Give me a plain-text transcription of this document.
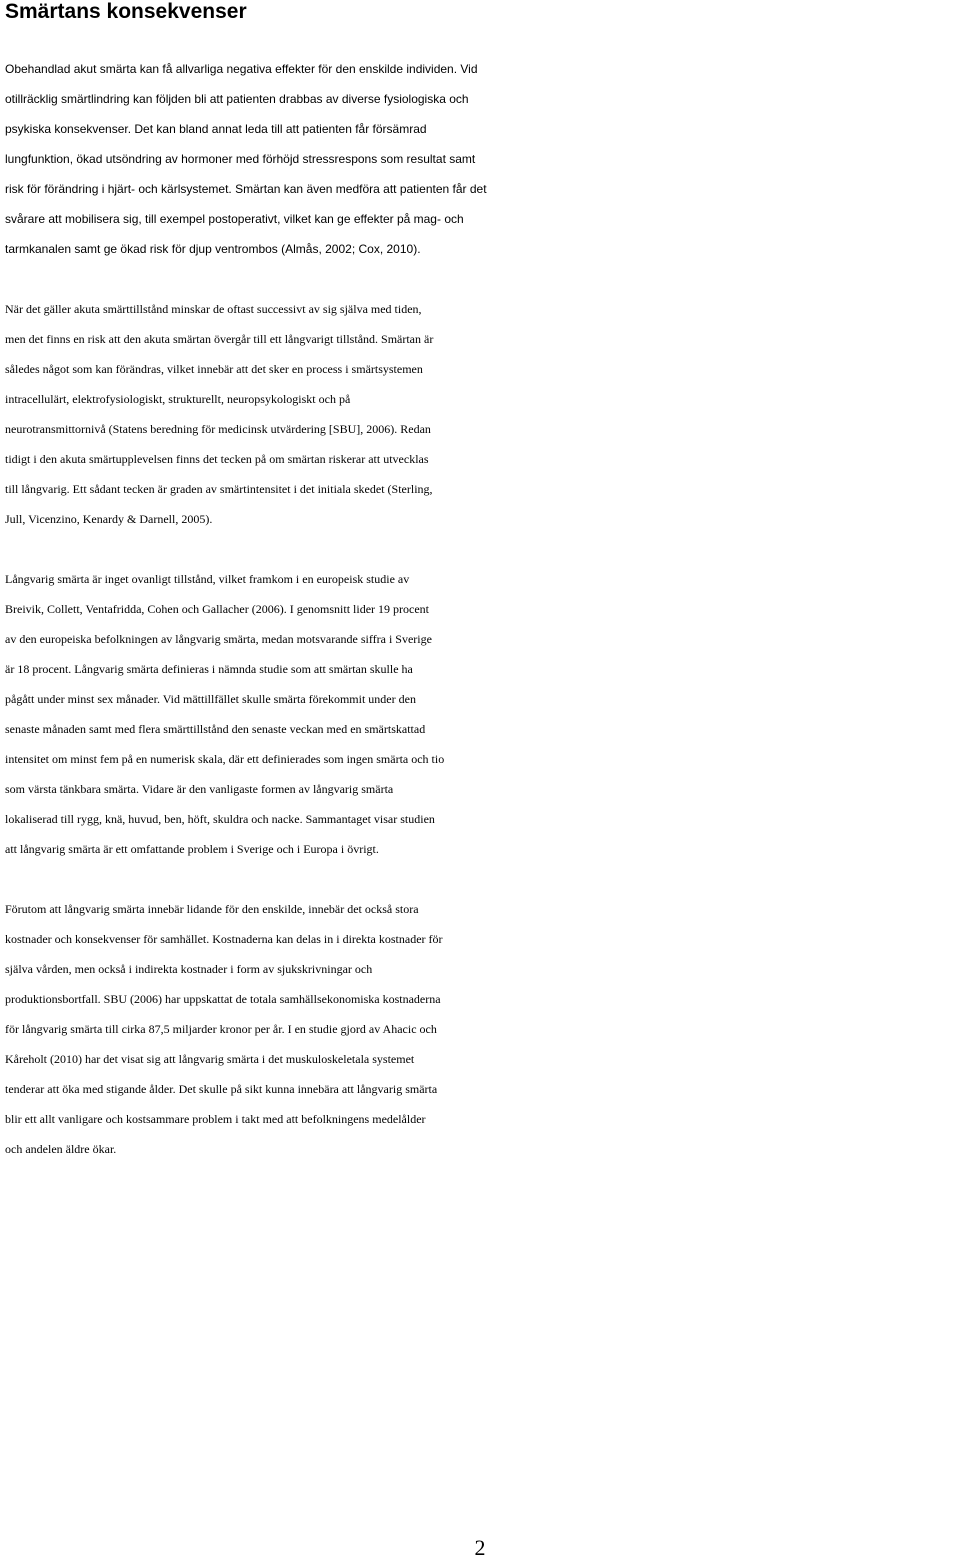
Smärtans konsekvenser

Obehandlad akut smärta kan få allvarliga negativa effekter för den enskilde individen. Vid
otillräcklig smärtlindring kan följden bli att patienten drabbas av diverse fysiologiska och
psykiska konsekvenser. Det kan bland annat leda till att patienten får försämrad
lungfunktion, ökad utsöndring av hormoner med förhöjd stressrespons som resultat samt
risk för förändring i hjärt- och kärlsystemet. Smärtan kan även medföra att patienten får det
svårare att mobilisera sig, till exempel postoperativt, vilket kan ge effekter på mag- och
tarmkanalen samt ge ökad risk för djup ventrombos (Almås, 2002; Cox, 2010).

När det gäller akuta smärttillstånd minskar de oftast successivt av sig själva med tiden,
men det finns en risk att den akuta smärtan övergår till ett långvarigt tillstånd. Smärtan är
således något som kan förändras, vilket innebär att det sker en process i smärtsystemen
intracellulärt, elektrofysiologiskt, strukturellt, neuropsykologiskt och på
neurotransmittornivå (Statens beredning för medicinsk utvärdering [SBU], 2006). Redan
tidigt i den akuta smärtupplevelsen finns det tecken på om smärtan riskerar att utvecklas
till långvarig. Ett sådant tecken är graden av smärtintensitet i det initiala skedet (Sterling,
Jull, Vicenzino, Kenardy & Darnell, 2005).

Långvarig smärta är inget ovanligt tillstånd, vilket framkom i en europeisk studie av
Breivik, Collett, Ventafridda, Cohen och Gallacher (2006). I genomsnitt lider 19 procent
av den europeiska befolkningen av långvarig smärta, medan motsvarande siffra i Sverige
är 18 procent. Långvarig smärta definieras i nämnda studie som att smärtan skulle ha
pågått under minst sex månader. Vid mättillfället skulle smärta förekommit under den
senaste månaden samt med flera smärttillstånd den senaste veckan med en smärtskattad
intensitet om minst fem på en numerisk skala, där ett definierades som ingen smärta och tio
som värsta tänkbara smärta. Vidare är den vanligaste formen av långvarig smärta
lokaliserad till rygg, knä, huvud, ben, höft, skuldra och nacke. Sammantaget visar studien
att långvarig smärta är ett omfattande problem i Sverige och i Europa i övrigt.

Förutom att långvarig smärta innebär lidande för den enskilde, innebär det också stora
kostnader och konsekvenser för samhället. Kostnaderna kan delas in i direkta kostnader för
själva vården, men också i indirekta kostnader i form av sjukskrivningar och
produktionsbortfall. SBU (2006) har uppskattat de totala samhällsekonomiska kostnaderna
för långvarig smärta till cirka 87,5 miljarder kronor per år. I en studie gjord av Ahacic och
Kåreholt (2010) har det visat sig att långvarig smärta i det muskuloskeletala systemet
tenderar att öka med stigande ålder. Det skulle på sikt kunna innebära att långvarig smärta
blir ett allt vanligare och kostsammare problem i takt med att befolkningens medelålder
och andelen äldre ökar.

2
